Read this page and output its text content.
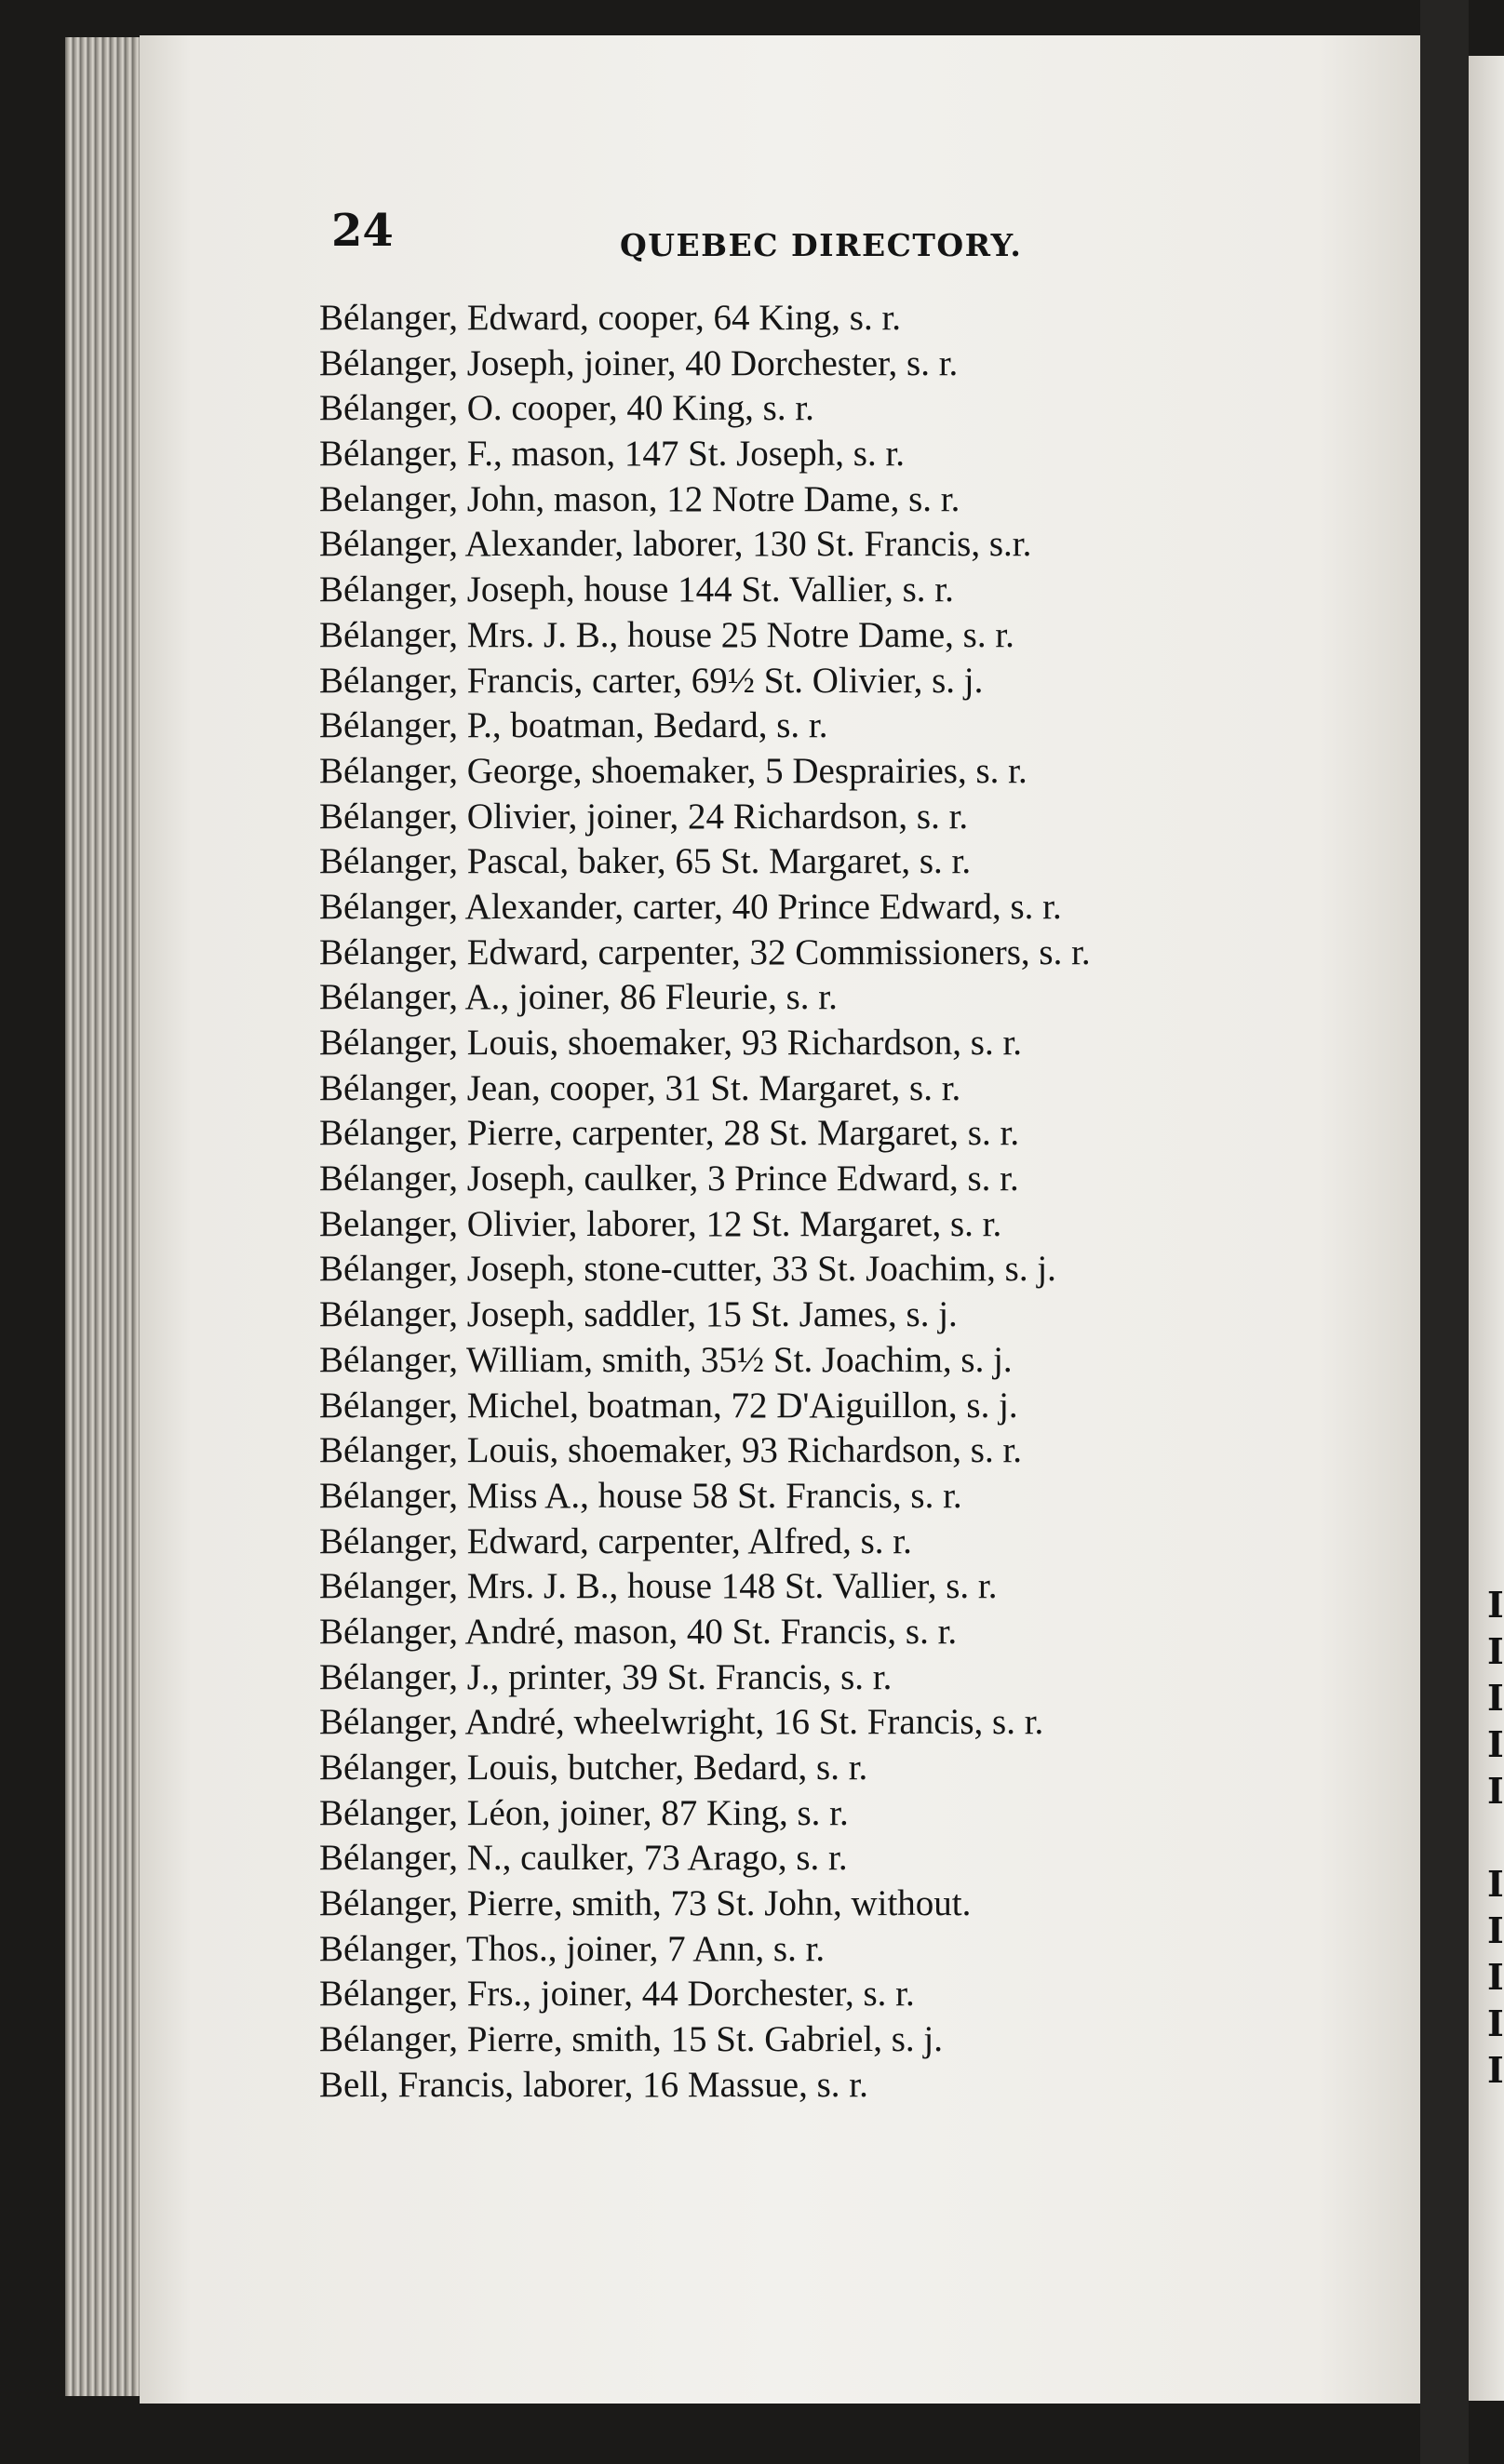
I
I
I
I
I

I
I
I
I
I
24	QUEBEC DIRECTORY.
Bélanger, Edward, cooper, 64 King, s. r.
Bélanger, Joseph, joiner, 40 Dorchester, s. r.
Bélanger, O. cooper, 40 King, s. r.
Bélanger, F., mason, 147 St. Joseph, s. r.
Belanger, John, mason, 12 Notre Dame, s. r.
Bélanger, Alexander, laborer, 130 St. Francis, s.r.
Bélanger, Joseph, house 144 St. Vallier, s. r.
Bélanger, Mrs. J. B., house 25 Notre Dame, s. r.
Bélanger, Francis, carter, 69½ St. Olivier, s. j.
Bélanger, P., boatman, Bedard, s. r.
Bélanger, George, shoemaker, 5 Desprairies, s. r.
Bélanger, Olivier, joiner, 24 Richardson, s. r.
Bélanger, Pascal, baker, 65 St. Margaret, s. r.
Bélanger, Alexander, carter, 40 Prince Edward, s. r.
Bélanger, Edward, carpenter, 32 Commissioners, s. r.
Bélanger, A., joiner, 86 Fleurie, s. r.
Bélanger, Louis, shoemaker, 93 Richardson, s. r.
Bélanger, Jean, cooper, 31 St. Margaret, s. r.
Bélanger, Pierre, carpenter, 28 St. Margaret, s. r.
Bélanger, Joseph, caulker, 3 Prince Edward, s. r.
Belanger, Olivier, laborer, 12 St. Margaret, s. r.
Bélanger, Joseph, stone-cutter, 33 St. Joachim, s. j.
Bélanger, Joseph, saddler, 15 St. James, s. j.
Bélanger, William, smith, 35½ St. Joachim, s. j.
Bélanger, Michel, boatman, 72 D'Aiguillon, s. j.
Bélanger, Louis, shoemaker, 93 Richardson, s. r.
Bélanger, Miss A., house 58 St. Francis, s. r.
Bélanger, Edward, carpenter, Alfred, s. r.
Bélanger, Mrs. J. B., house 148 St. Vallier, s. r.
Bélanger, André, mason, 40 St. Francis, s. r.
Bélanger, J., printer, 39 St. Francis, s. r.
Bélanger, André, wheelwright, 16 St. Francis, s. r.
Bélanger, Louis, butcher, Bedard, s. r.
Bélanger, Léon, joiner, 87 King, s. r.
Bélanger, N., caulker, 73 Arago, s. r.
Bélanger, Pierre, smith, 73 St. John, without.
Bélanger, Thos., joiner, 7 Ann, s. r.
Bélanger, Frs., joiner, 44 Dorchester, s. r.
Bélanger, Pierre, smith, 15 St. Gabriel, s. j.
Bell, Francis, laborer, 16 Massue, s. r.
